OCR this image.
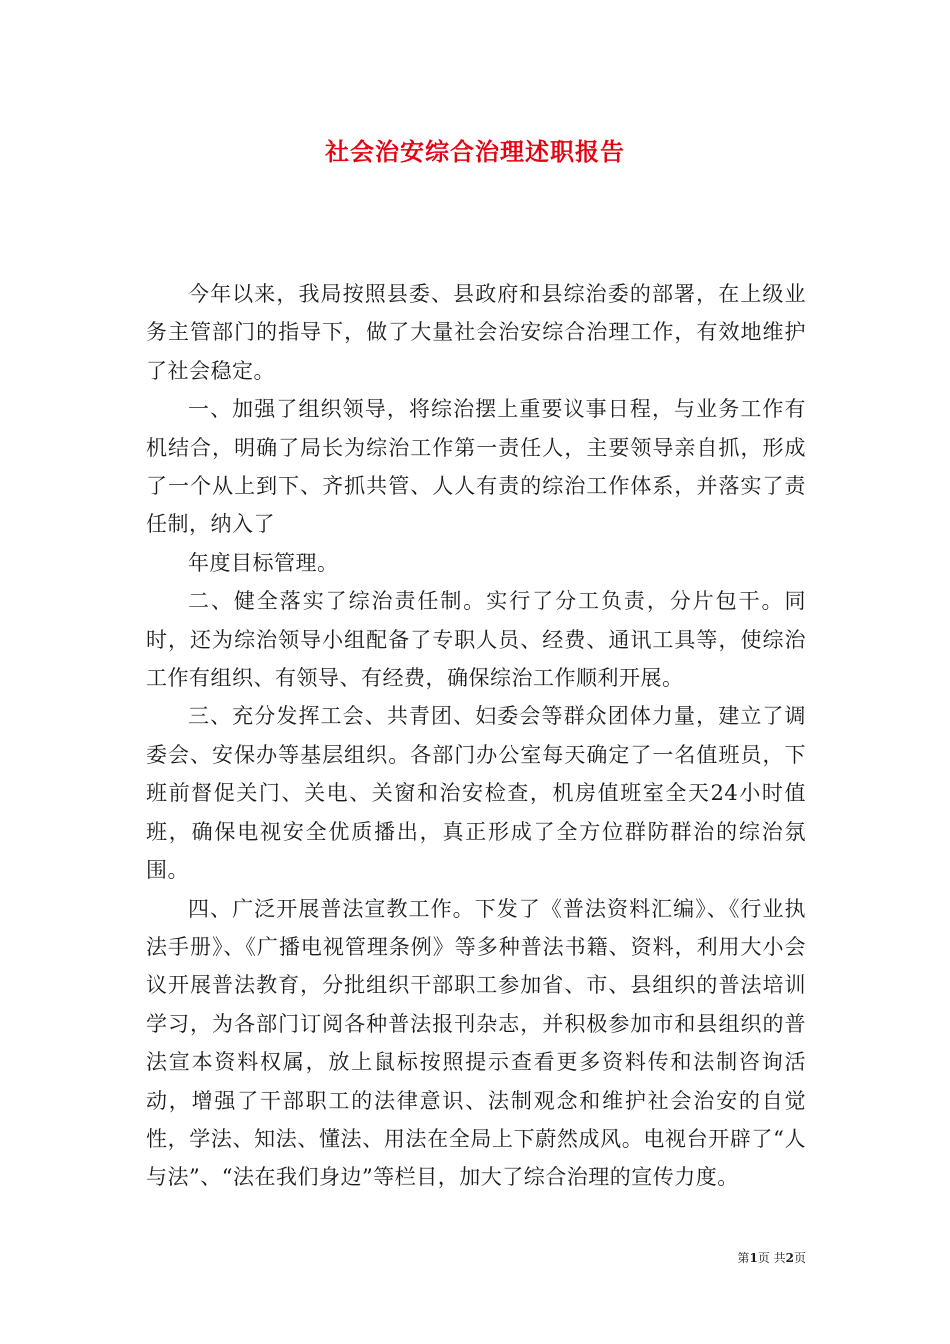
社会治安综合治理述职报告

今年以来，我局按照县委、县政府和县综治委的部署，在上级业务主管部门的指导下，做了大量社会治安综合治理工作，有效地维护了社会稳定。

一、加强了组织领导，将综治摆上重要议事日程，与业务工作有机结合，明确了局长为综治工作第一责任人，主要领导亲自抓，形成了一个从上到下、齐抓共管、人人有责的综治工作体系，并落实了责任制，纳入了

年度目标管理。

二、健全落实了综治责任制。实行了分工负责，分片包干。同时，还为综治领导小组配备了专职人员、经费、通讯工具等，使综治工作有组织、有领导、有经费，确保综治工作顺利开展。

三、充分发挥工会、共青团、妇委会等群众团体力量，建立了调委会、安保办等基层组织。各部门办公室每天确定了一名值班员，下班前督促关门、关电、关窗和治安检查，机房值班室全天24小时值班，确保电视安全优质播出，真正形成了全方位群防群治的综治氛围。

四、广泛开展普法宣教工作。下发了《普法资料汇编》、《行业执法手册》、《广播电视管理条例》等多种普法书籍、资料，利用大小会议开展普法教育，分批组织干部职工参加省、市、县组织的普法培训学习，为各部门订阅各种普法报刊杂志，并积极参加市和县组织的普法宣本资料权属，放上鼠标按照提示查看更多资料传和法制咨询活动，增强了干部职工的法律意识、法制观念和维护社会治安的自觉性，学法、知法、懂法、用法在全局上下蔚然成风。电视台开辟了“人与法”、“法在我们身边”等栏目，加大了综合治理的宣传力度。

第1页 共2页
